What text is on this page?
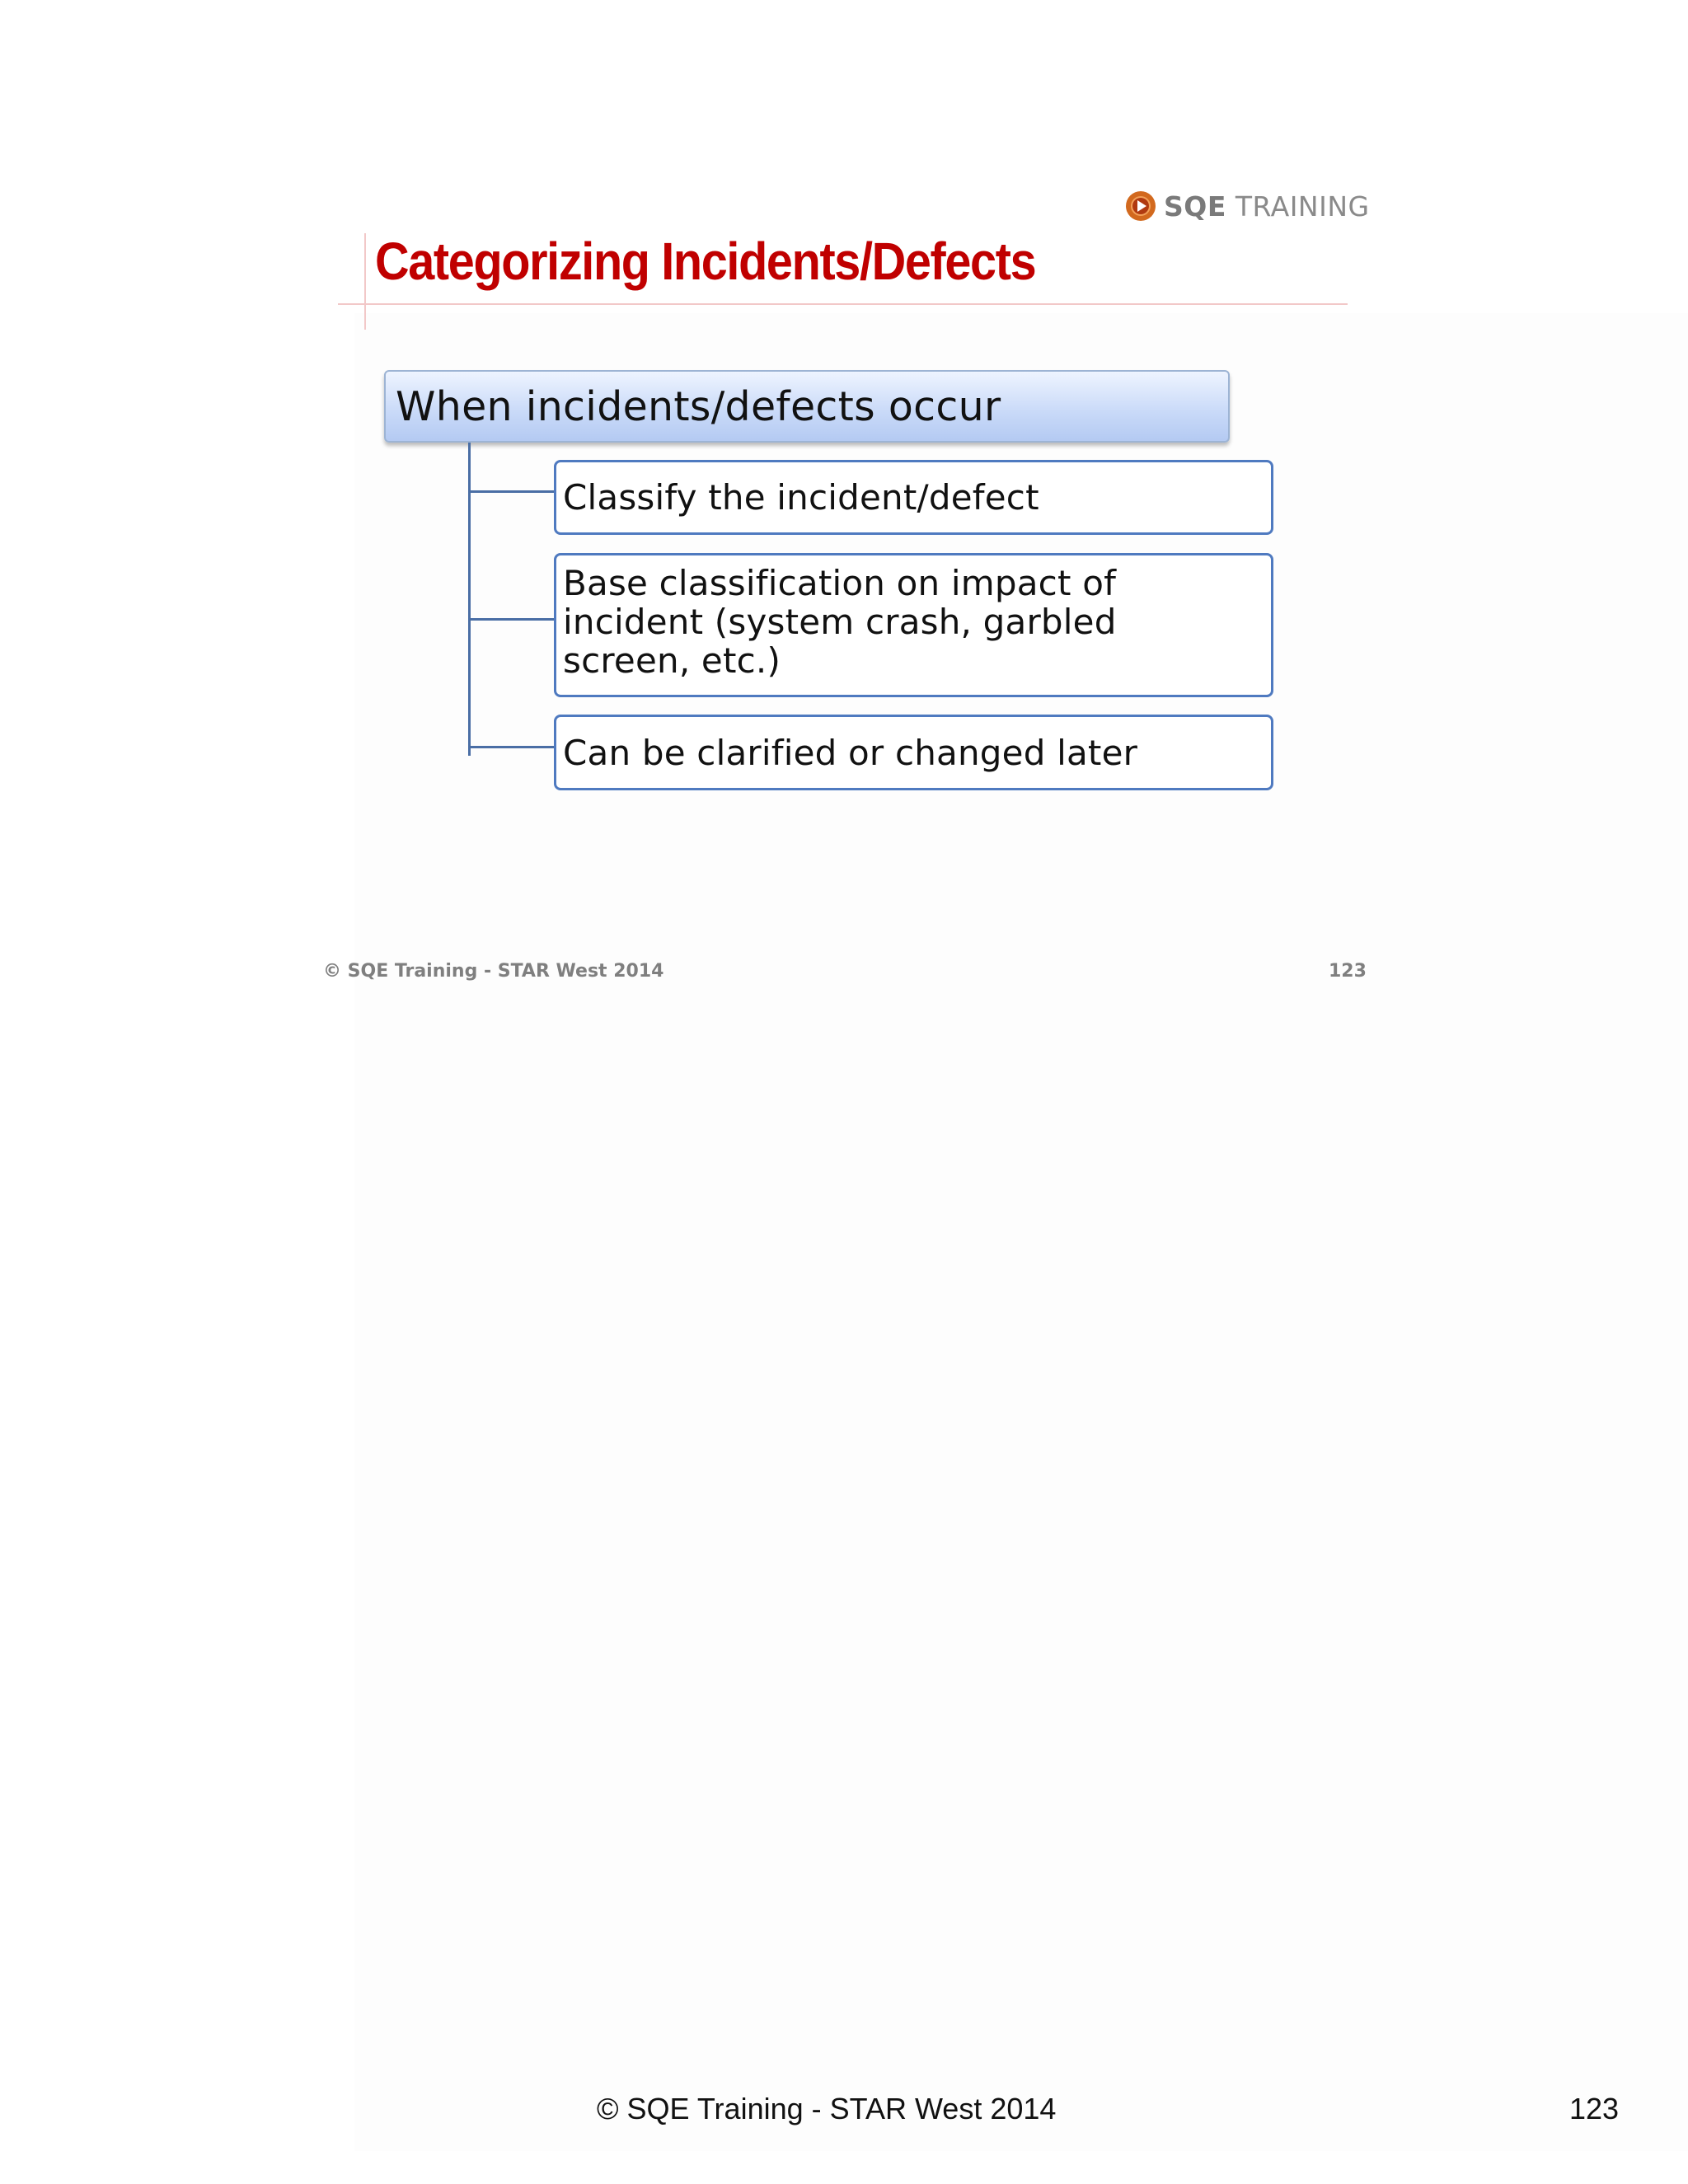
SQE TRAINING
Categorizing Incidents/Defects
When incidents/defects occur
Classify the incident/defect
Base classification on impact of
incident (system crash, garbled
screen, etc.)
Can be clarified or changed later
© SQE Training - STAR West 2014	123
© SQE Training - STAR West 2014	123
